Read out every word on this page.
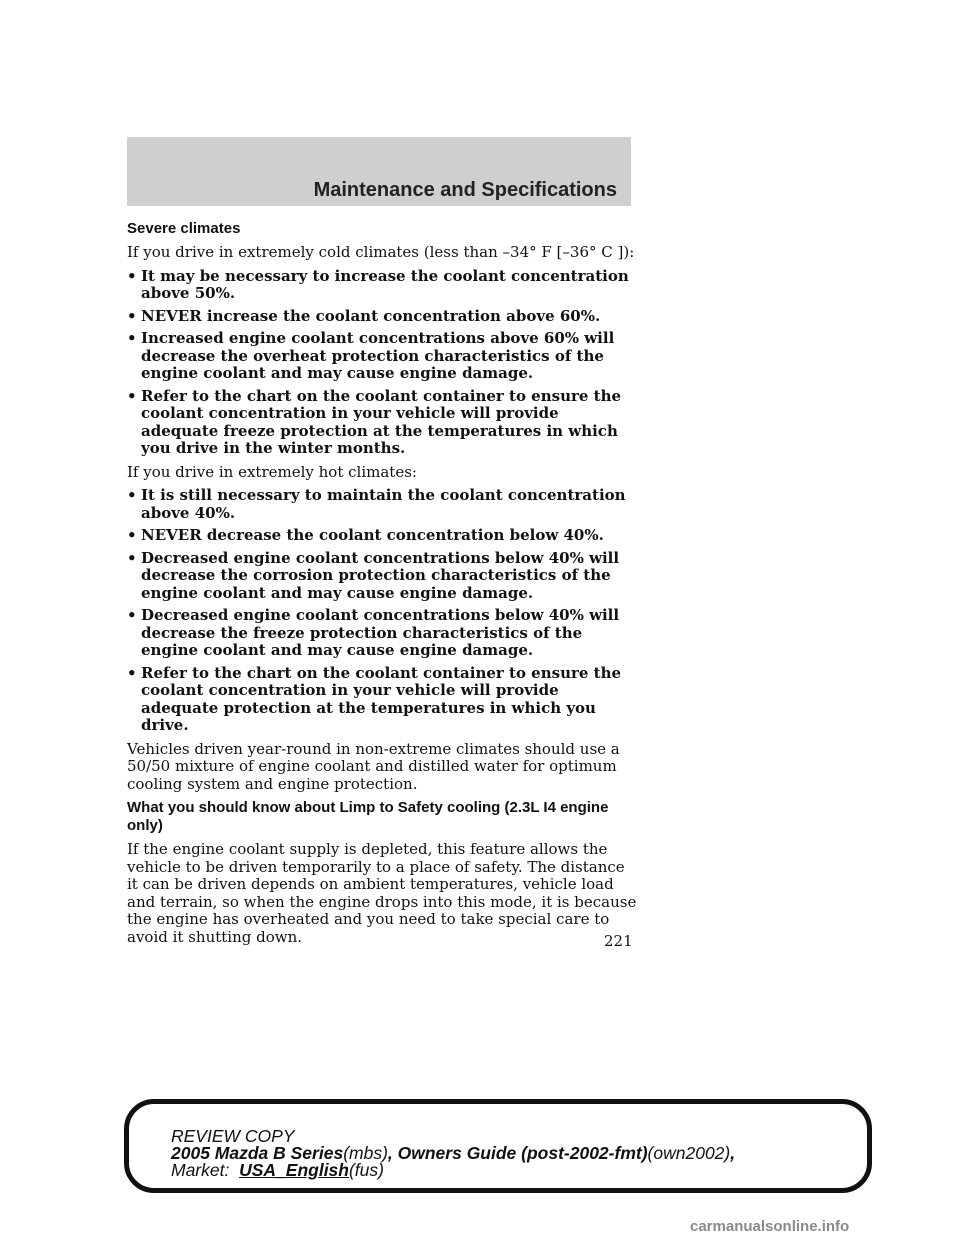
Maintenance and Specifications
Severe climates
If you drive in extremely cold climates (less than –34° F [–36° C ]):
• It may be necessary to increase the coolant concentration above 50%.
• NEVER increase the coolant concentration above 60%.
• Increased engine coolant concentrations above 60% will decrease the overheat protection characteristics of the engine coolant and may cause engine damage.
• Refer to the chart on the coolant container to ensure the coolant concentration in your vehicle will provide adequate freeze protection at the temperatures in which you drive in the winter months.
If you drive in extremely hot climates:
• It is still necessary to maintain the coolant concentration above 40%.
• NEVER decrease the coolant concentration below 40%.
• Decreased engine coolant concentrations below 40% will decrease the corrosion protection characteristics of the engine coolant and may cause engine damage.
• Decreased engine coolant concentrations below 40% will decrease the freeze protection characteristics of the engine coolant and may cause engine damage.
• Refer to the chart on the coolant container to ensure the coolant concentration in your vehicle will provide adequate protection at the temperatures in which you drive.
Vehicles driven year-round in non-extreme climates should use a 50/50 mixture of engine coolant and distilled water for optimum cooling system and engine protection.
What you should know about Limp to Safety cooling (2.3L I4 engine only)
If the engine coolant supply is depleted, this feature allows the vehicle to be driven temporarily to a place of safety. The distance it can be driven depends on ambient temperatures, vehicle load and terrain, so when the engine drops into this mode, it is because the engine has overheated and you need to take special care to avoid it shutting down.	221
REVIEW COPY
2005 Mazda B Series(mbs), Owners Guide (post-2002-fmt)(own2002),
Market: USA_English(fus)
carmanualsonline.info
